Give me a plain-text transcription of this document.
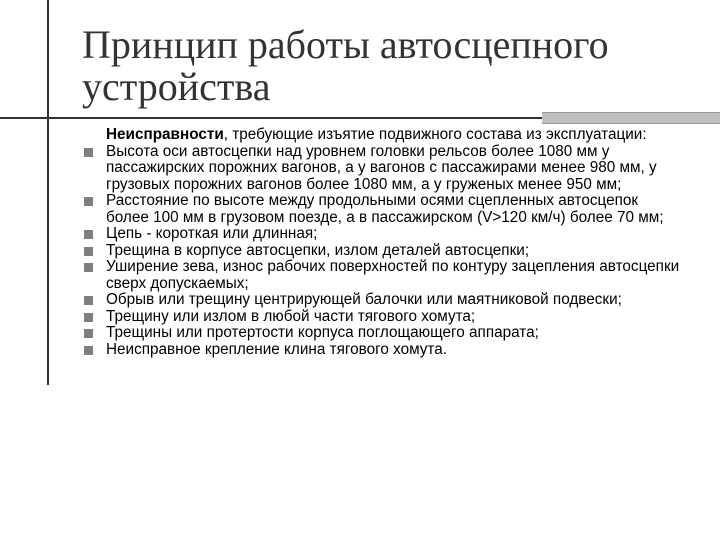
Принцип работы автосцепного
устройства

Неисправности, требующие изъятие подвижного состава из эксплуатации:

Высота оси автосцепки над уровнем головки рельсов более 1080 мм у пассажирских порожних вагонов, а у вагонов с пассажирами менее 980 мм, у грузовых порожних вагонов более 1080 мм, а у груженых менее 950 мм;
Расстояние по высоте между продольными осями сцепленных автосцепок более 100 мм в грузовом поезде, а в пассажирском (V>120 км/ч) более 70 мм;
Цепь - короткая или длинная;
Трещина в корпусе автосцепки, излом деталей автосцепки;
Уширение зева, износ рабочих поверхностей по контуру зацепления автосцепки сверх допускаемых;
Обрыв или трещину центрирующей балочки или маятниковой подвески;
Трещину или излом в любой части тягового хомута;
Трещины или протертости корпуса поглощающего аппарата;
Неисправное крепление клина тягового хомута.
